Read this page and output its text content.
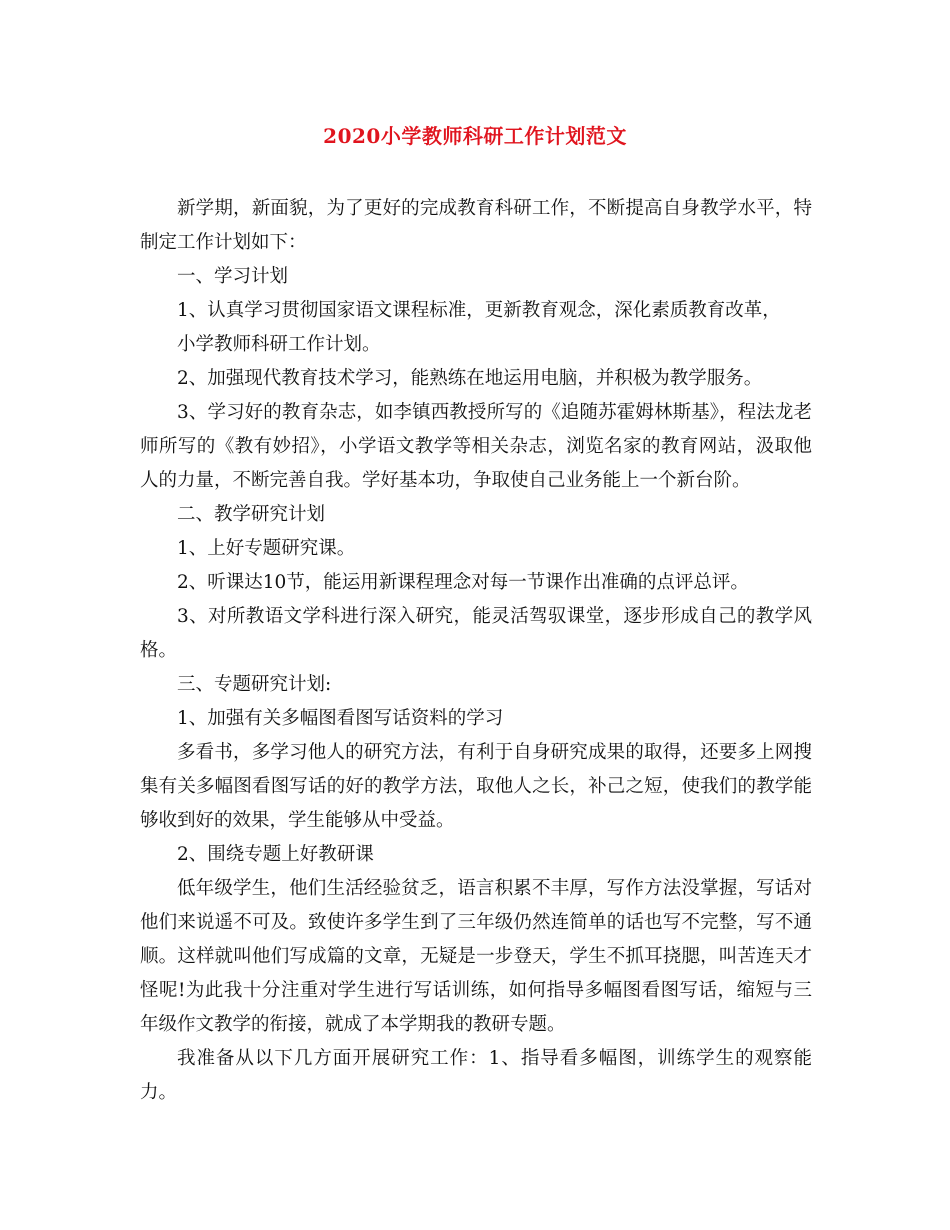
2020小学教师科研工作计划范文

新学期，新面貌，为了更好的完成教育科研工作，不断提高自身教学水平，特制定工作计划如下：

一、学习计划

1、认真学习贯彻国家语文课程标准，更新教育观念，深化素质教育改革，

小学教师科研工作计划。

2、加强现代教育技术学习，能熟练在地运用电脑，并积极为教学服务。

3、学习好的教育杂志，如李镇西教授所写的《追随苏霍姆林斯基》，程法龙老师所写的《教有妙招》，小学语文教学等相关杂志，浏览名家的教育网站，汲取他人的力量，不断完善自我。学好基本功，争取使自己业务能上一个新台阶。

二、教学研究计划

1、上好专题研究课。

2、听课达10节，能运用新课程理念对每一节课作出准确的点评总评。

3、对所教语文学科进行深入研究，能灵活驾驭课堂，逐步形成自己的教学风格。

三、专题研究计划:

1、加强有关多幅图看图写话资料的学习

多看书，多学习他人的研究方法，有利于自身研究成果的取得，还要多上网搜集有关多幅图看图写话的好的教学方法，取他人之长，补己之短，使我们的教学能够收到好的效果，学生能够从中受益。

2、围绕专题上好教研课

低年级学生，他们生活经验贫乏，语言积累不丰厚，写作方法没掌握，写话对他们来说遥不可及。致使许多学生到了三年级仍然连简单的话也写不完整，写不通顺。这样就叫他们写成篇的文章，无疑是一步登天，学生不抓耳挠腮，叫苦连天才怪呢!为此我十分注重对学生进行写话训练，如何指导多幅图看图写话，缩短与三年级作文教学的衔接，就成了本学期我的教研专题。

我准备从以下几方面开展研究工作：1、指导看多幅图，训练学生的观察能力。
